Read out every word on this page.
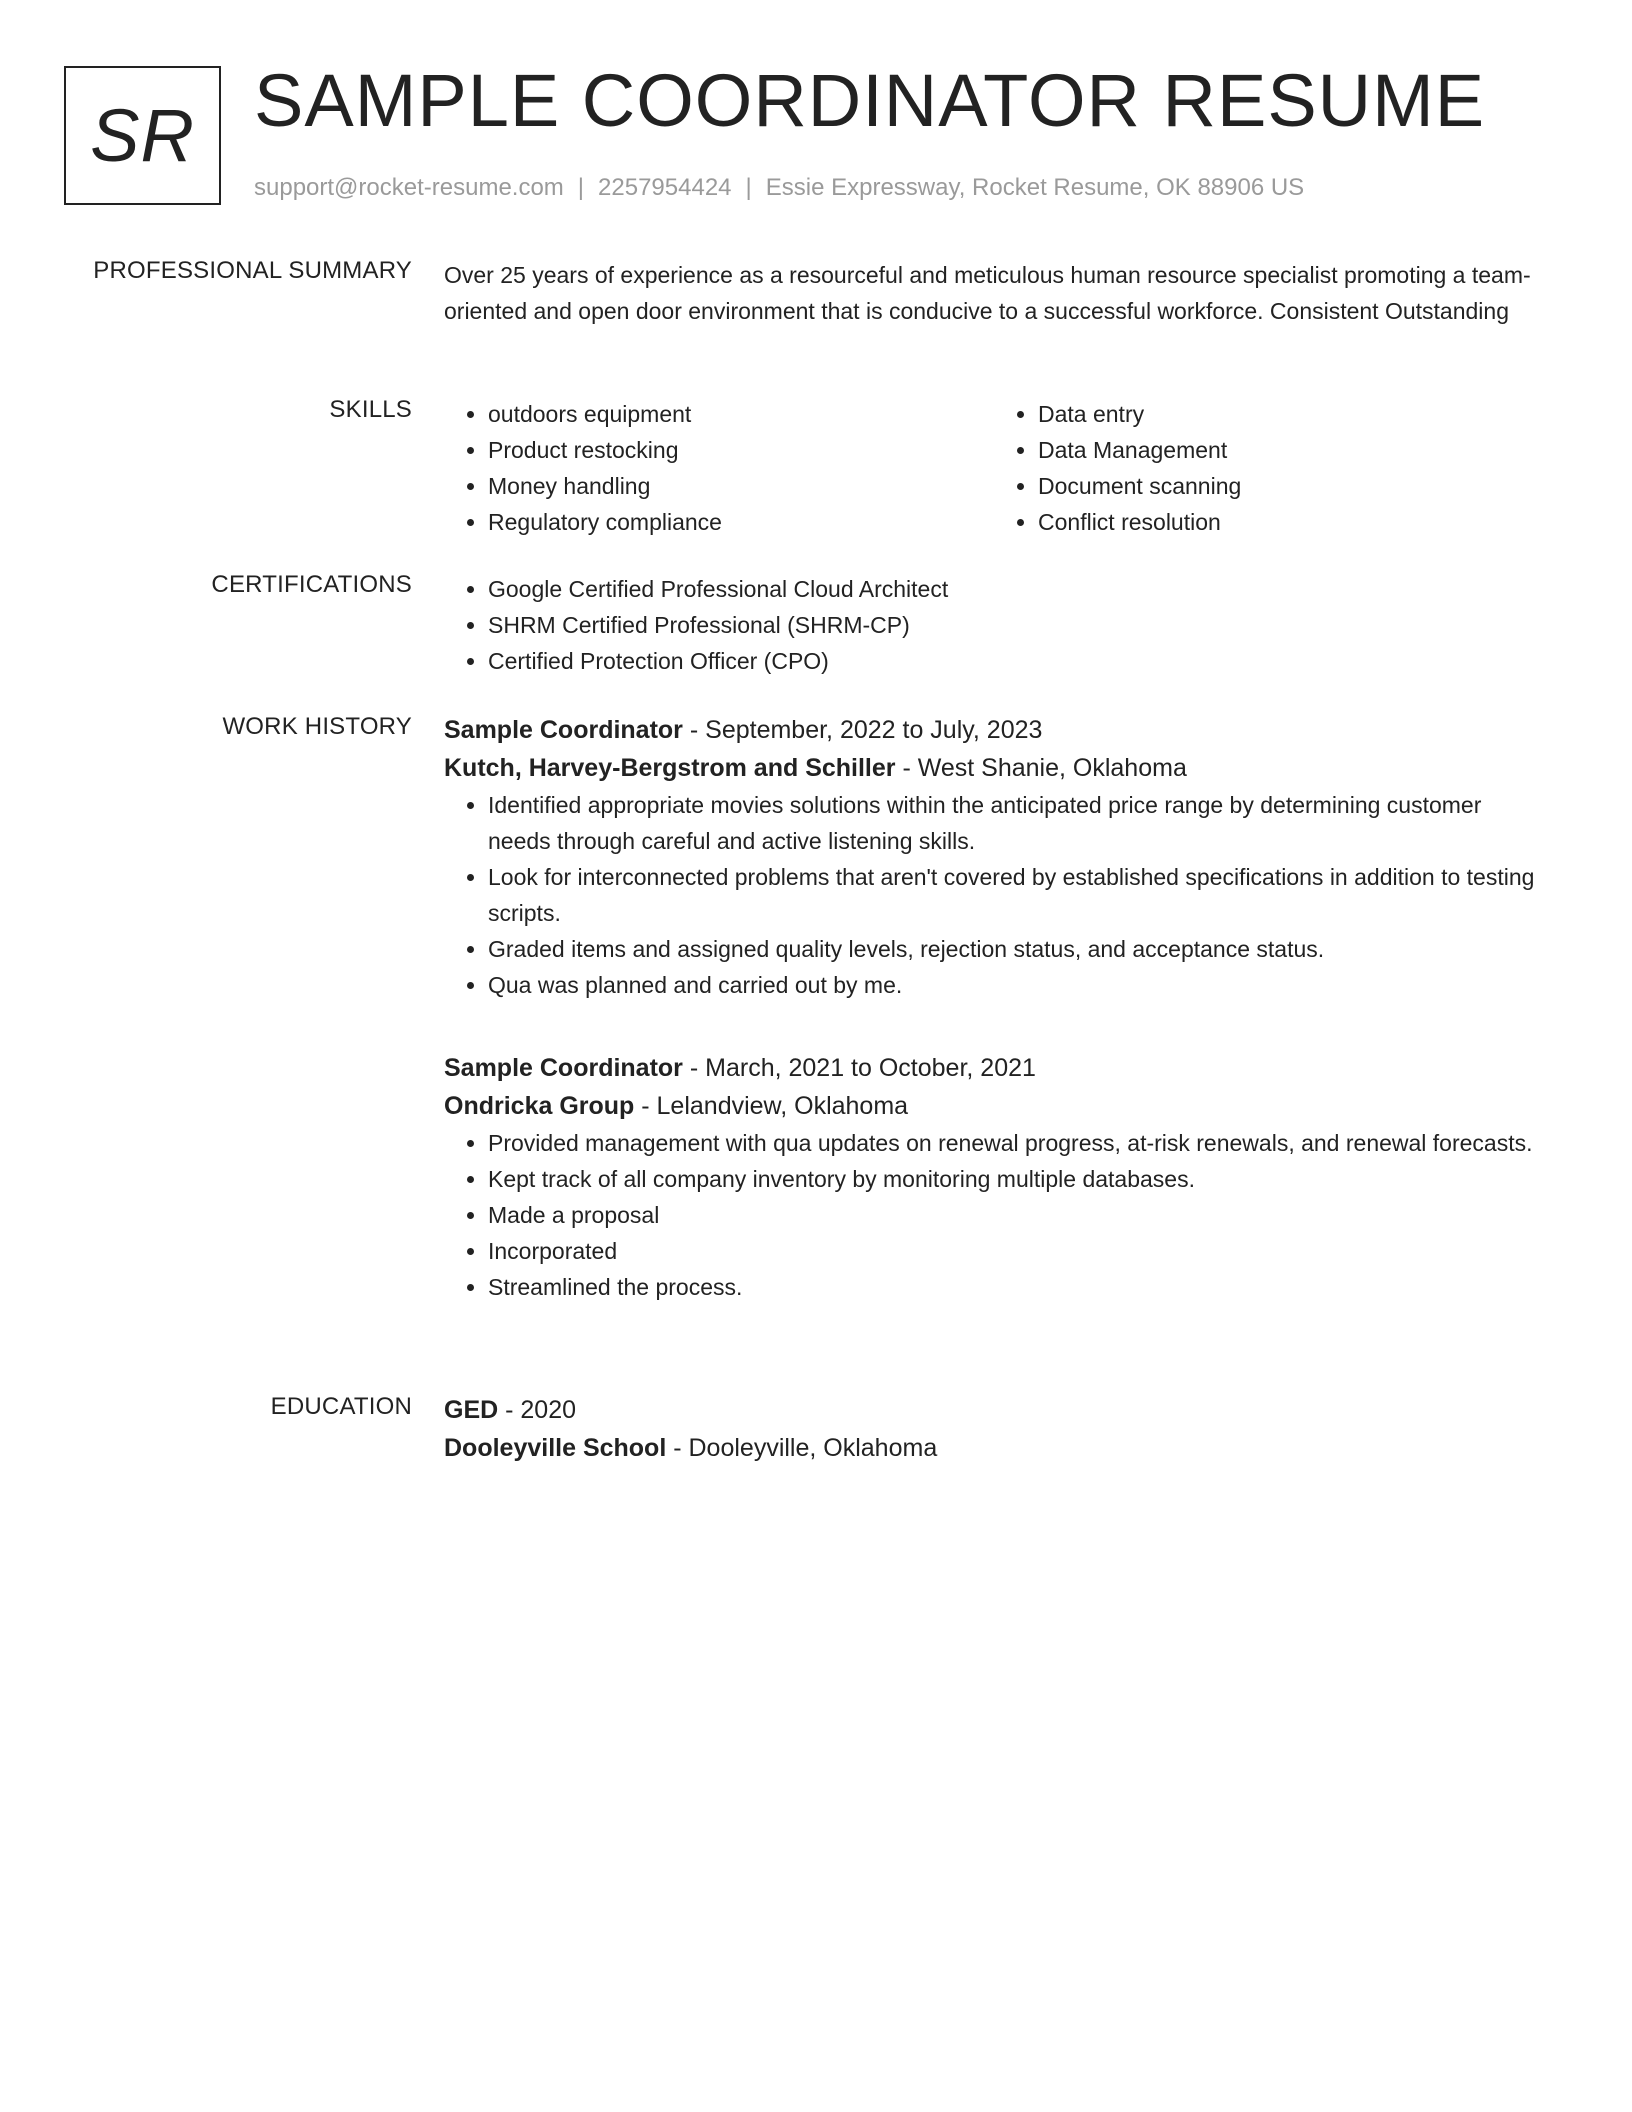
SR SAMPLE COORDINATOR RESUME
support@rocket-resume.com | 2257954424 | Essie Expressway, Rocket Resume, OK 88906 US
PROFESSIONAL SUMMARY Over 25 years of experience as a resourceful and meticulous human resource specialist promoting a team-oriented and open door environment that is conducive to a successful workforce. Consistent Outstanding
SKILLS	• outdoors equipment
• Product restocking
• Money handling
• Regulatory compliance
• Data entry
• Data Management
• Document scanning
• Conflict resolution
CERTIFICATIONS	• Google Certified Professional Cloud Architect
• SHRM Certified Professional (SHRM-CP)
• Certified Protection Officer (CPO)
WORK HISTORY Sample Coordinator - September, 2022 to July, 2023
Kutch, Harvey-Bergstrom and Schiller - West Shanie, Oklahoma
• Identified appropriate movies solutions within the anticipated price range by determining customer needs through careful and active listening skills.
• Look for interconnected problems that aren't covered by established specifications in addition to testing scripts.
• Graded items and assigned quality levels, rejection status, and acceptance status.
• Qua was planned and carried out by me.
Sample Coordinator - March, 2021 to October, 2021
Ondricka Group - Lelandview, Oklahoma
• Provided management with qua updates on renewal progress, at-risk renewals, and renewal forecasts.
• Kept track of all company inventory by monitoring multiple databases.
• Made a proposal
• Incorporated
• Streamlined the process.
EDUCATION GED - 2020
Dooleyville School - Dooleyville, Oklahoma
